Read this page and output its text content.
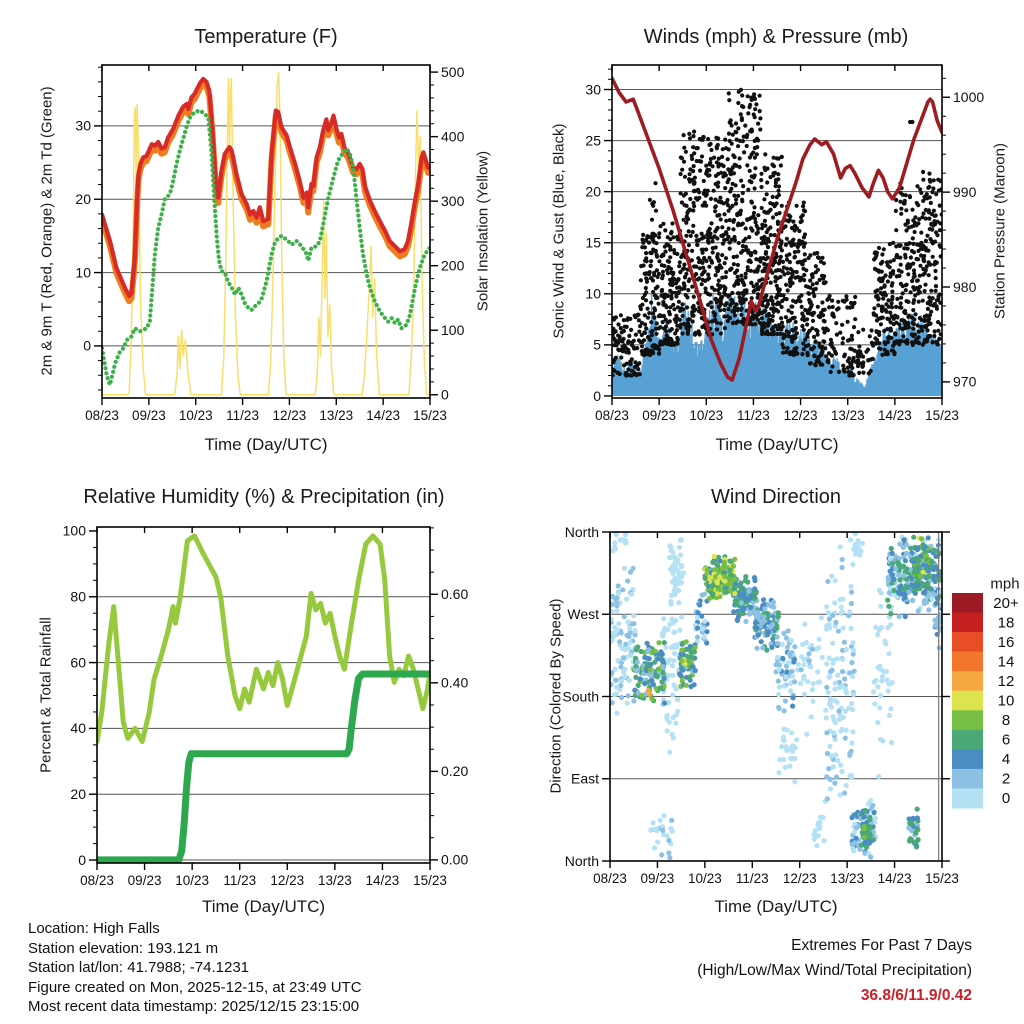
08/23 09/23 10/23 11/23 12/23 13/23 14/23 15/23
0
10
20
30
0
100
200
300
400
500
08/23 09/23 10/23 11/23 12/23 13/23 14/23 15/23
0
5
10
15
20
25
30
970
980
990
1000
08/23 09/23 10/23 11/23 12/23 13/23 14/23 15/23
0
20
40
60
80
100
0.00
0.20
0.40
0.60
08/23 09/23 10/23 11/23 12/23 13/23 14/23 15/23
North
East
South
West
North
20+
18
16
14
12
10
8
6
4
2
0
Temperature (F)	Winds (mph) & Pressure (mb)
Relative Humidity (%) & Precipitation (in)	Wind Direction
Time (Day/UTC)	Time (Day/UTC)
Time (Day/UTC)	Time (Day/UTC)
2m & 9m T (Red, Orange) & 2m Td (Green)	Solar Insolation (Yellow)	Sonic Wind & Gust (Blue, Black)	Station Pressure (Maroon)
Percent & Total Rainfall	Direction (Colored By Speed)
mph
Location: High Falls
Station elevation: 193.121 m
Station lat/lon: 41.7988; -74.1231
Figure created on Mon, 2025-12-15, at 23:49 UTC
Most recent data timestamp: 2025/12/15 23:15:00
Extremes For Past 7 Days
(High/Low/Max Wind/Total Precipitation)
36.8/6/11.9/0.42
